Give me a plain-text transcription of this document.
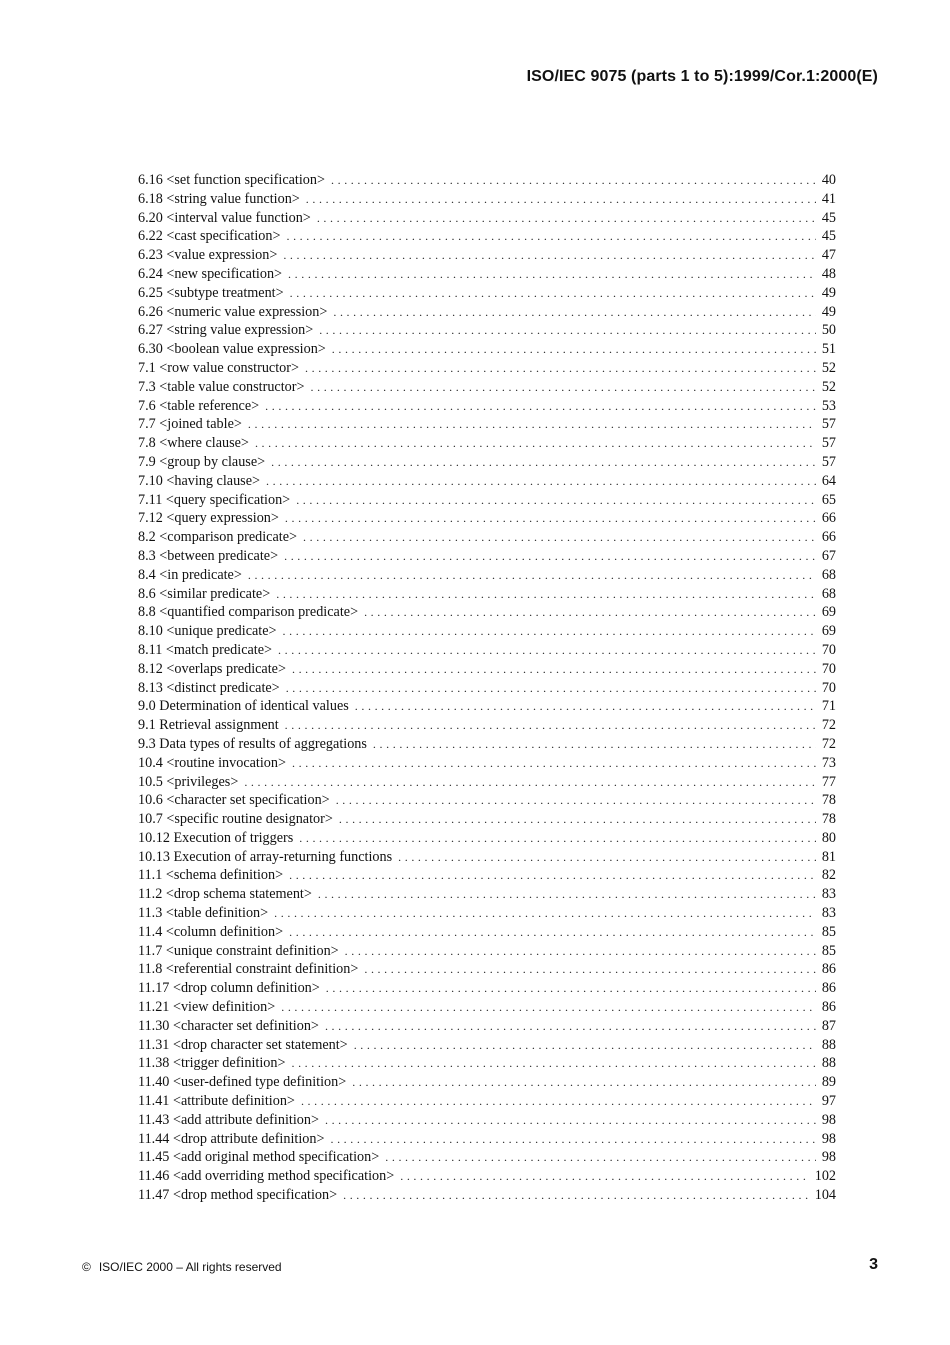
ISO/IEC 9075 (parts 1 to 5):1999/Cor.1:2000(E)
6.16 <set function specification> . . .	40
6.18 <string value function> . . .	41
6.20 <interval value function> . . .	45
6.22 <cast specification> . . .	45
6.23 <value expression> . . .	47
6.24 <new specification> . . .	48
6.25 <subtype treatment> . . .	49
6.26 <numeric value expression> . . .	49
6.27 <string value expression> . . .	50
6.30 <boolean value expression> . . .	51
7.1 <row value constructor> . . .	52
7.3 <table value constructor> . . .	52
7.6 <table reference> . . .	53
7.7 <joined table> . . .	57
7.8 <where clause> . . .	57
7.9 <group by clause> . . .	57
7.10 <having clause> . . .	64
7.11 <query specification> . . .	65
7.12 <query expression> . . .	66
8.2 <comparison predicate> . . .	66
8.3 <between predicate> . . .	67
8.4 <in predicate> . . .	68
8.6 <similar predicate> . . .	68
8.8 <quantified comparison predicate> . . .	69
8.10 <unique predicate> . . .	69
8.11 <match predicate> . . .	70
8.12 <overlaps predicate> . . .	70
8.13 <distinct predicate> . . .	70
9.0 Determination of identical values . . .	71
9.1 Retrieval assignment . . .	72
9.3 Data types of results of aggregations . . .	72
10.4 <routine invocation> . . .	73
10.5 <privileges> . . .	77
10.6 <character set specification> . . .	78
10.7 <specific routine designator> . . .	78
10.12 Execution of triggers . . .	80
10.13 Execution of array-returning functions . . .	81
11.1 <schema definition> . . .	82
11.2 <drop schema statement> . . .	83
11.3 <table definition> . . .	83
11.4 <column definition> . . .	85
11.7 <unique constraint definition> . . .	85
11.8 <referential constraint definition> . . .	86
11.17 <drop column definition> . . .	86
11.21 <view definition> . . .	86
11.30 <character set definition> . . .	87
11.31 <drop character set statement> . . .	88
11.38 <trigger definition> . . .	88
11.40 <user-defined type definition> . . .	89
11.41 <attribute definition> . . .	97
11.43 <add attribute definition> . . .	98
11.44 <drop attribute definition> . . .	98
11.45 <add original method specification> . . .	98
11.46 <add overriding method specification> . . .	102
11.47 <drop method specification> . . .	104
© ISO/IEC 2000 – All rights reserved	3
